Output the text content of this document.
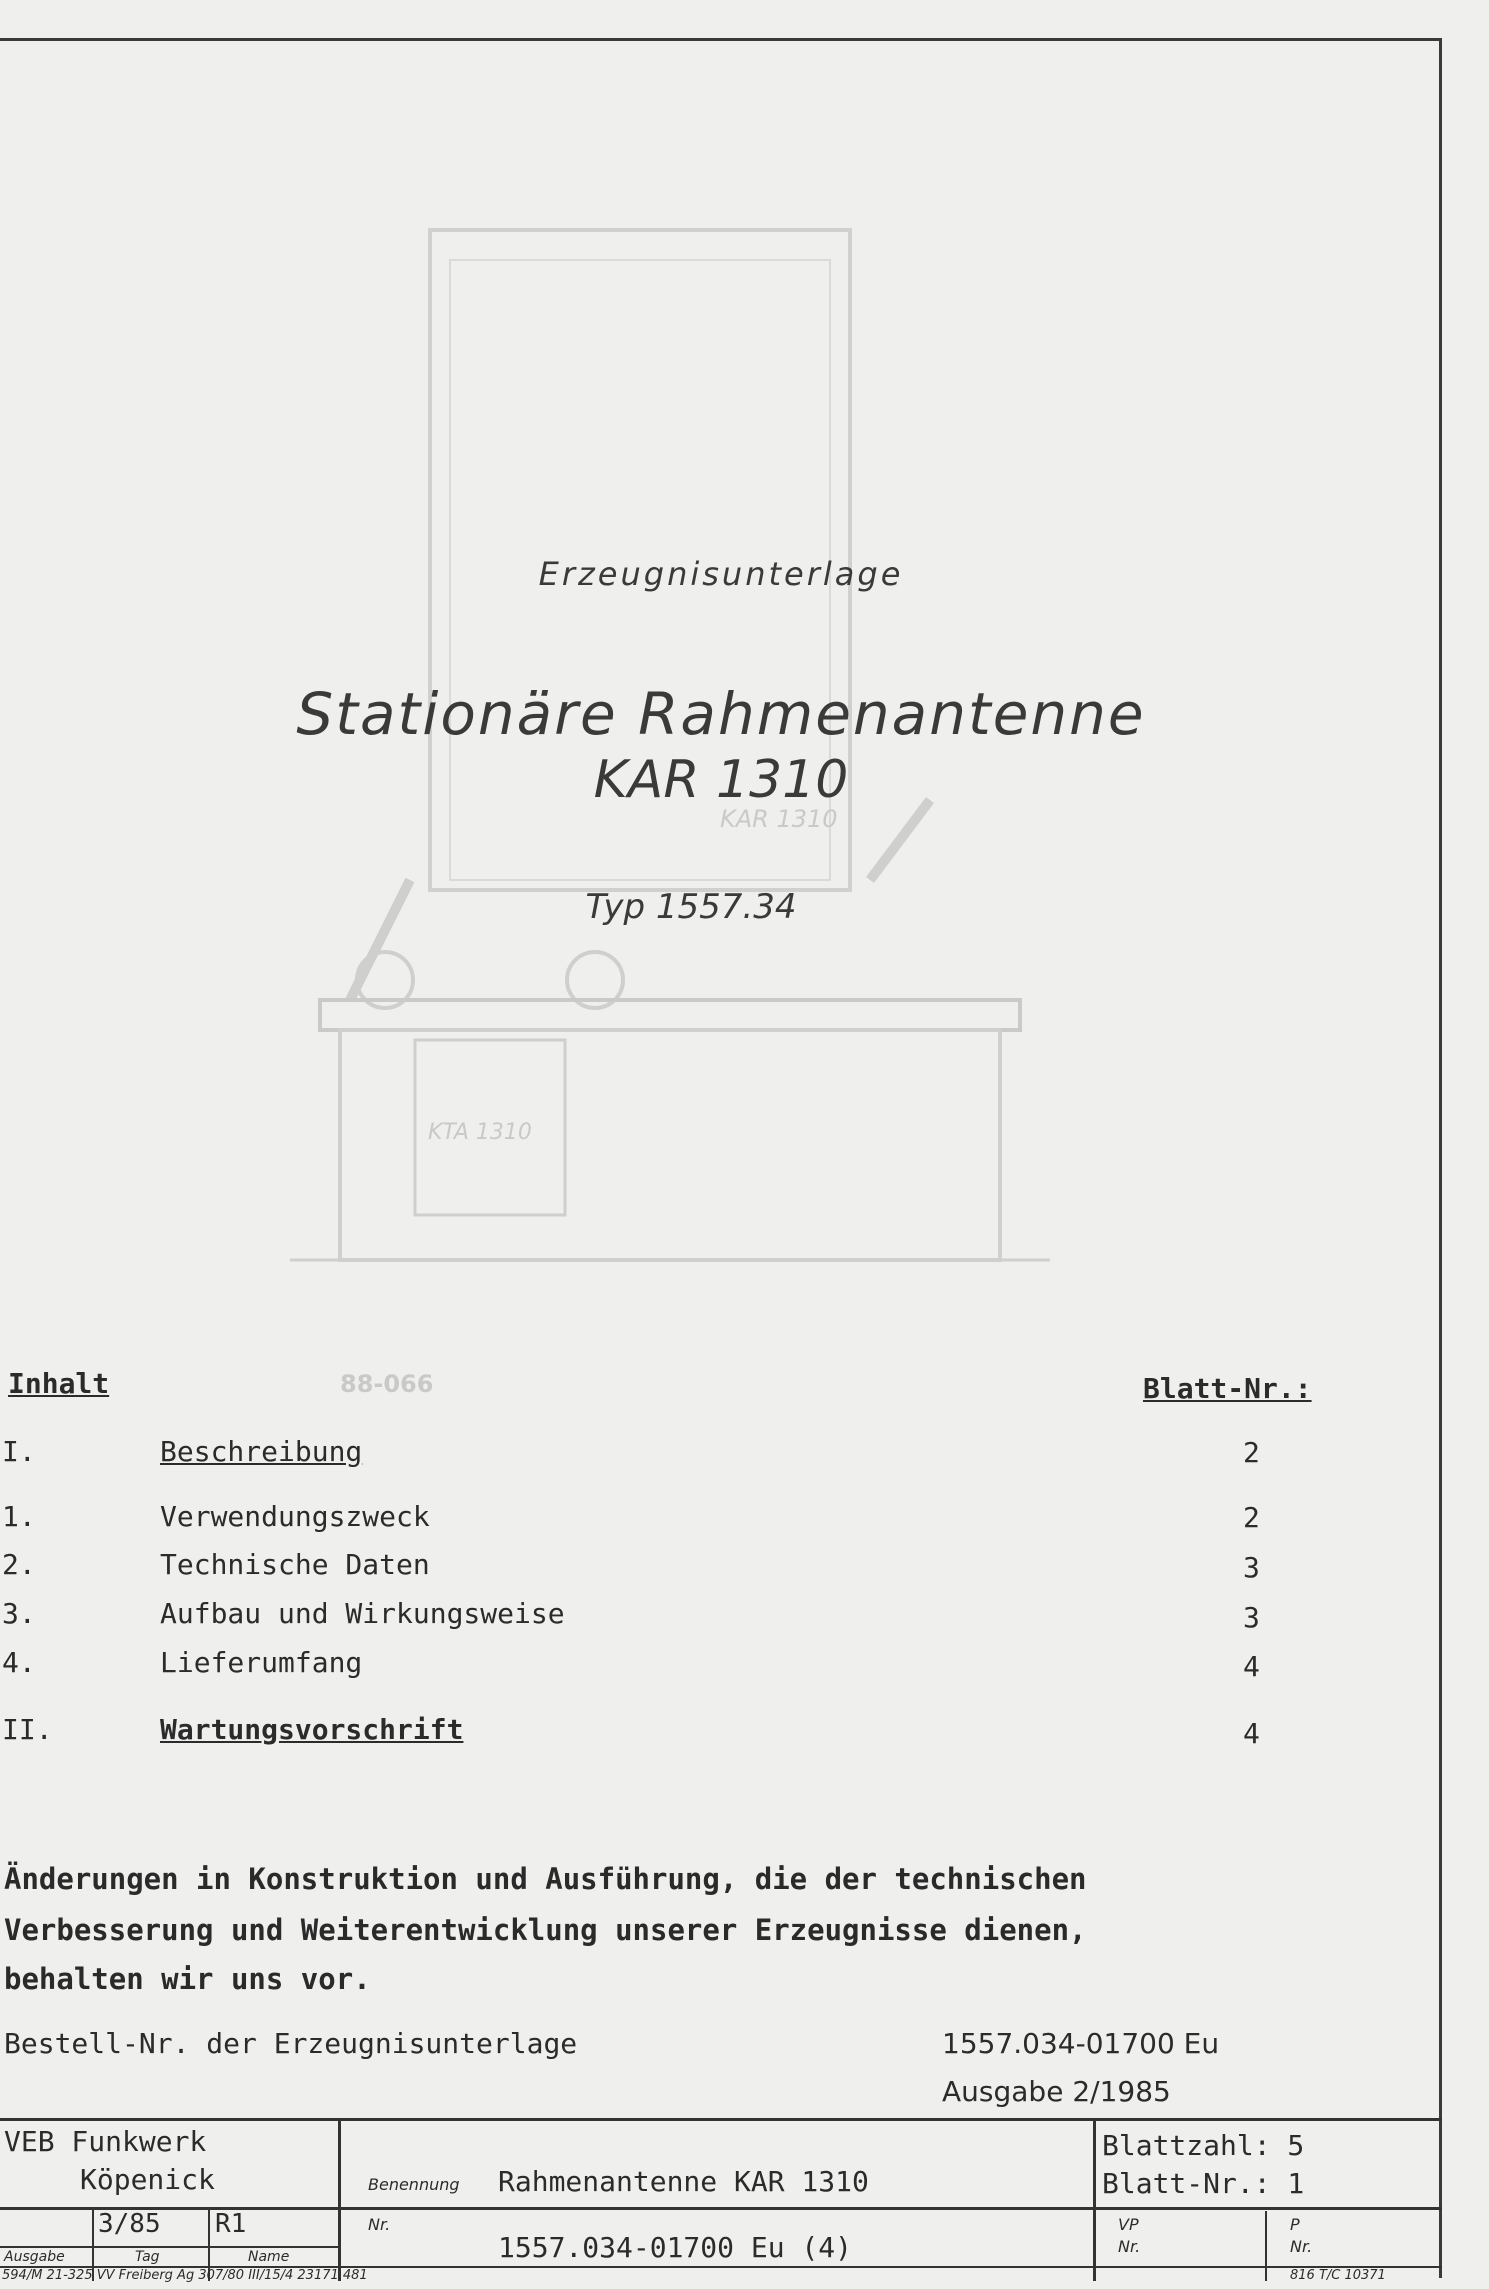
KAR 1310
KTA 1310
88-066
Erzeugnisunterlage
Stationäre Rahmenantenne
KAR 1310
Typ 1557.34
Inhalt	Blatt-Nr.:
I.	Beschreibung	2
1.	Verwendungszweck	2
2.	Technische Daten	3
3.	Aufbau und Wirkungsweise	3
4.	Lieferumfang	4
II.	Wartungsvorschrift	4
Änderungen in Konstruktion und Ausführung, die der technischen
Verbesserung und Weiterentwicklung unserer Erzeugnisse dienen,
behalten wir uns vor.
Bestell-Nr. der Erzeugnisunterlage	1557.034-01700 Eu
Ausgabe 2/1985
VEB Funkwerk
Köpenick	Benennung Rahmenantenne KAR 1310
Blattzahl: 5
Blatt-Nr.: 1
3/85 R1
Ausgabe	Tag	Name
Nr.
1557.034-01700 Eu (4)
VP
Nr.
P
Nr.
594/M 21-325 VV Freiberg Ag 307/80 III/15/4 23171 481	816 T/C 10371
